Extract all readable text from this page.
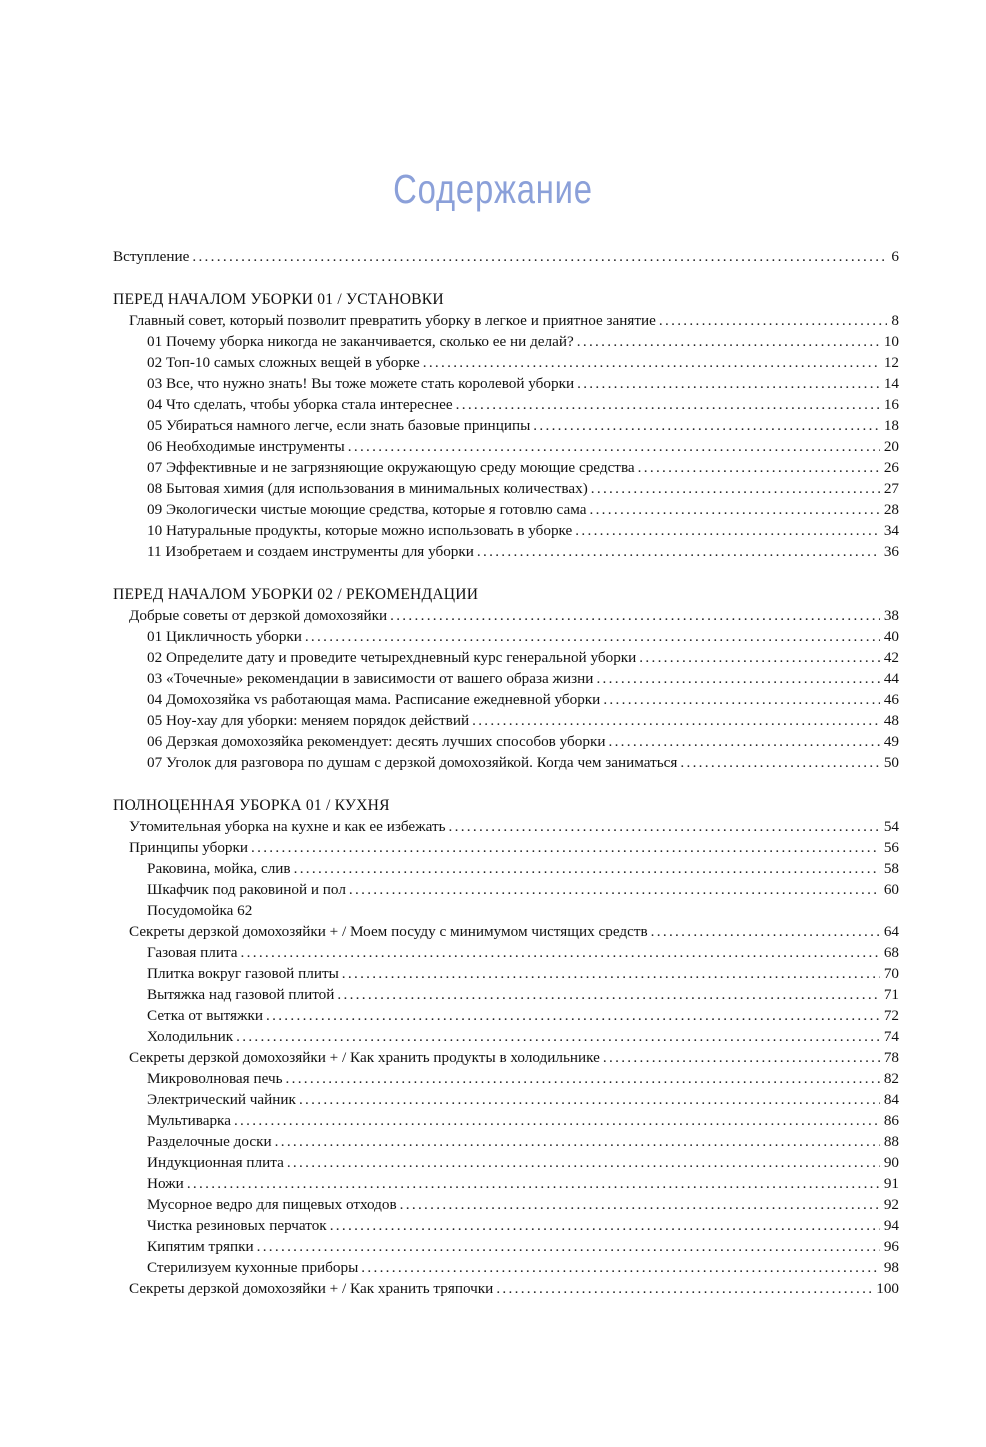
Содержание
Вступление .....	6
ПЕРЕД НАЧАЛОМ УБОРКИ 01 / УСТАНОВКИ
Главный совет, который позволит превратить уборку в легкое и приятное занятие .....	8
01 Почему уборка никогда не заканчивается, сколько ее ни делай? .....	10
02 Топ-10 самых сложных вещей в уборке .....	12
03 Все, что нужно знать! Вы тоже можете стать королевой уборки .....	14
04 Что сделать, чтобы уборка стала интереснее .....	16
05 Убираться намного легче, если знать базовые принципы .....	18
06 Необходимые инструменты .....	20
07 Эффективные и не загрязняющие окружающую среду моющие средства .....	26
08 Бытовая химия (для использования в минимальных количествах) .....	27
09 Экологически чистые моющие средства, которые я готовлю сама .....	28
10 Натуральные продукты, которые можно использовать в уборке .....	34
11 Изобретаем и создаем инструменты для уборки .....	36
ПЕРЕД НАЧАЛОМ УБОРКИ 02 / РЕКОМЕНДАЦИИ
Добрые советы от дерзкой домохозяйки .....	38
01 Цикличность уборки .....	40
02 Определите дату и проведите четырехдневный курс генеральной уборки .....	42
03 «Точечные» рекомендации в зависимости от вашего образа жизни .....	44
04 Домохозяйка vs работающая мама. Расписание ежедневной уборки .....	46
05 Ноу-хау для уборки: меняем порядок действий .....	48
06 Дерзкая домохозяйка рекомендует: десять лучших способов уборки .....	49
07 Уголок для разговора по душам с дерзкой домохозяйкой. Когда чем заниматься .....	50
ПОЛНОЦЕННАЯ УБОРКА 01 / КУХНЯ
Утомительная уборка на кухне и как ее избежать .....	54
Принципы уборки .....	56
Раковина, мойка, слив .....	58
Шкафчик под раковиной и пол .....	60
Посудомойка 62
Секреты дерзкой домохозяйки + / Моем посуду с минимумом чистящих средств .....	64
Газовая плита .....	68
Плитка вокруг газовой плиты .....	70
Вытяжка над газовой плитой .....	71
Сетка от вытяжки .....	72
Холодильник .....	74
Секреты дерзкой домохозяйки + / Как хранить продукты в холодильнике .....	78
Микроволновая печь .....	82
Электрический чайник .....	84
Мультиварка .....	86
Разделочные доски .....	88
Индукционная плита .....	90
Ножи .....	91
Мусорное ведро для пищевых отходов .....	92
Чистка резиновых перчаток .....	94
Кипятим тряпки .....	96
Стерилизуем кухонные приборы .....	98
Секреты дерзкой домохозяйки + / Как хранить тряпочки .....	100
